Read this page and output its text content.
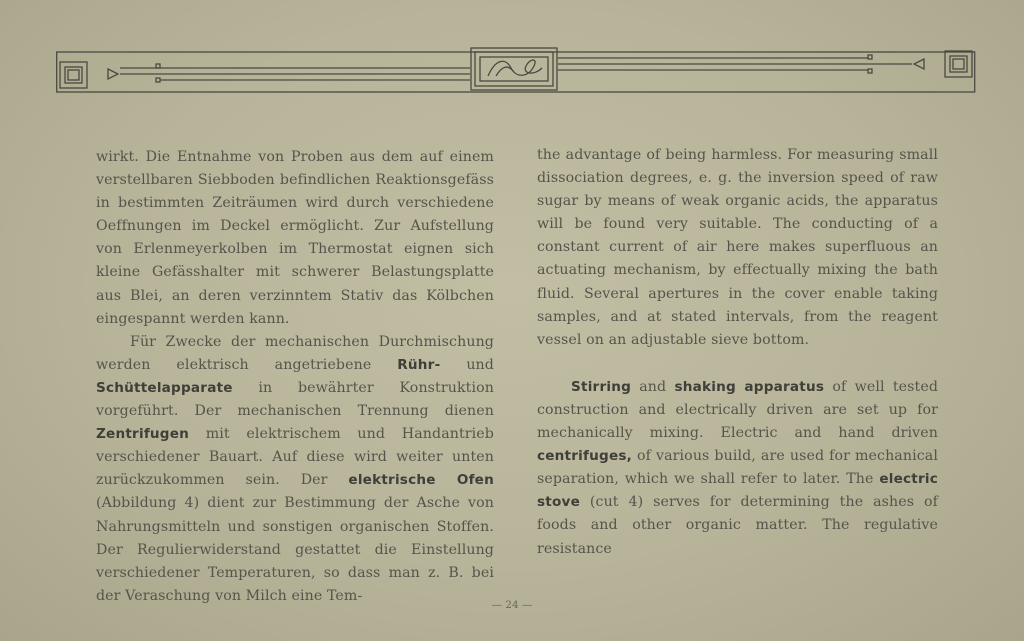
wirkt. Die Entnahme von Proben aus dem auf einem verstellbaren Siebboden befindlichen Reaktionsgefäss in bestimmten Zeiträumen wird durch verschiedene Oeffnungen im Deckel ermöglicht. Zur Aufstellung von Erlenmeyerkolben im Thermostat eignen sich kleine Gefässhalter mit schwerer Belastungsplatte aus Blei, an deren verzinntem Stativ das Kölbchen eingespannt werden kann.

Für Zwecke der mechanischen Durchmischung werden elektrisch angetriebene Rühr- und Schüttelapparate in bewährter Konstruktion vorgeführt. Der mechanischen Trennung dienen Zentrifugen mit elektrischem und Handantrieb verschiedener Bauart. Auf diese wird weiter unten zurückzukommen sein. Der elektrische Ofen (Abbildung 4) dient zur Bestimmung der Asche von Nahrungsmitteln und sonstigen organischen Stoffen. Der Regulierwiderstand gestattet die Einstellung verschiedener Temperaturen, so dass man z. B. bei der Veraschung von Milch eine Tem-

the advantage of being harmless. For measuring small dissociation degrees, e. g. the inversion speed of raw sugar by means of weak organic acids, the apparatus will be found very suitable. The conducting of a constant current of air here makes superfluous an actuating mechanism, by effectually mixing the bath fluid. Several apertures in the cover enable taking samples, and at stated intervals, from the reagent vessel on an adjustable sieve bottom.

Stirring and shaking apparatus of well tested construction and electrically driven are set up for mechanically mixing. Electric and hand driven centrifuges, of various build, are used for mechanical separation, which we shall refer to later. The electric stove (cut 4) serves for determining the ashes of foods and other organic matter. The regulative resistance

— 24 —
